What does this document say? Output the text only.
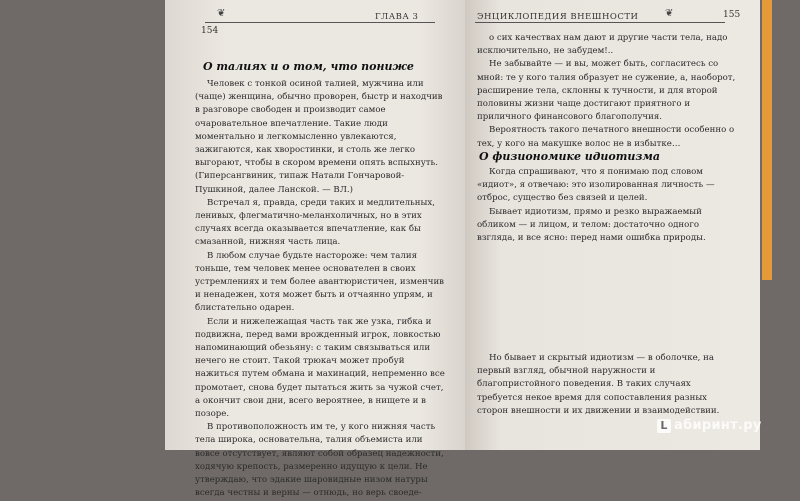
❦
154
ГЛАВА 3
О талиях и о том, что пониже

Человек с тонкой осиной талией, мужчина или (чаще) женщина, обычно проворен, быстр и находчив в разговоре свободен и производит самое очаровательное впечатление. Такие люди моментально и легкомысленно увлекаются, зажигаются, как хворостинки, и столь же легко выгорают, чтобы в скором времени опять вспыхнуть. (Гиперсангвиник, типаж Натали Гончаровой-Пушкиной, далее Ланской. — ВЛ.)

Встречал я, правда, среди таких и медлительных, ленивых, флегматично-меланхоличных, но в этих случаях всегда оказывается впечатление, как бы смазанной, нижняя часть лица.

В любом случае будьте настороже: чем талия тоньше, тем человек менее основателен в своих устремлениях и тем более авантюристичен, изменчив и ненадежен, хотя может быть и отчаянно упрям, и блистательно одарен.

Если и нижележащая часть так же узка, гибка и подвижна, перед вами врожденный игрок, ловкостью напоминающий обезьяну: с таким связываться или нечего не стоит. Такой трюкач может пробуй нажиться путем обмана и махинаций, непременно все промотает, снова будет пытаться жить за чужой счет, а окончит свои дни, всего вероятнее, в нищете и в позоре.

В противоположность им те, у кого нижняя часть тела широка, основательна, талия объемиста или вовсе отсутствует, являют собой образец надежности, ходячую крепость, размеренно идущую к цели. Не утверждаю, что эдакие шаровидные низом натуры всегда честны и верны — отнюдь, но верь своеде-

ЭНЦИКЛОПЕДИЯ ВНЕШНОСТИ	❦	155

о сих качествах нам дают и другие части тела, надо исключительно, не забудем!..

Не забывайте — и вы, может быть, согласитесь со мной: те у кого талия образует не сужение, а, наоборот, расширение тела, склонны к тучности, и для второй половины жизни чаще достигают приятного и приличного финансового благополучия.

Вероятность такого печатного внешности особенно о тех, у кого на макушке волос не в избытке…

О физиономике идиотизма

Когда спрашивают, что я понимаю под словом «идиот», я отвечаю: это изолированная личность — отброс, существо без связей и целей.

Бывает идиотизм, прямо и резко выражаемый обликом — и лицом, и телом: достаточно одного взгляда, и все ясно: перед нами ошибка природы.

Но бывает и скрытый идиотизм — в оболочке, на первый взгляд, обычной наружности и благопристойного поведения. В таких случаях требуется некое время для сопоставления разных сторон внешности и их движении и взаимодействии.

L абиринт.ру
